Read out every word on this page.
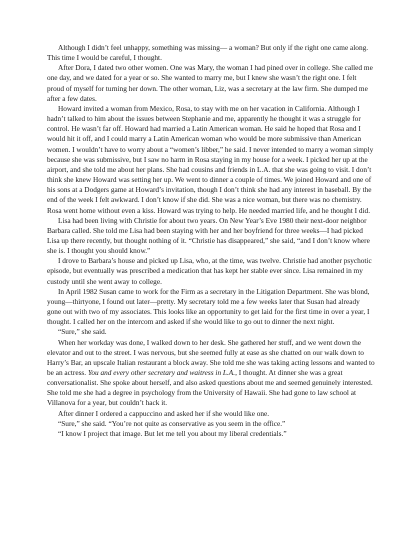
Although I didn’t feel unhappy, something was missing— a woman? But only if the right one came along. This time I would be careful, I thought.

After Dora, I dated two other women. One was Mary, the woman I had pined over in college. She called me one day, and we dated for a year or so. She wanted to marry me, but I knew she wasn’t the right one. I felt proud of myself for turning her down. The other woman, Liz, was a secretary at the law firm. She dumped me after a few dates.

Howard invited a woman from Mexico, Rosa, to stay with me on her vacation in California. Although I hadn’t talked to him about the issues between Stephanie and me, apparently he thought it was a struggle for control. He wasn’t far off. Howard had married a Latin American woman. He said he hoped that Rosa and I would hit it off, and I could marry a Latin American woman who would be more submissive than American women. I wouldn’t have to worry about a “women’s libber,” he said. I never intended to marry a woman simply because she was submissive, but I saw no harm in Rosa staying in my house for a week. I picked her up at the airport, and she told me about her plans. She had cousins and friends in L.A. that she was going to visit. I don’t think she knew Howard was setting her up. We went to dinner a couple of times. We joined Howard and one of his sons at a Dodgers game at Howard’s invitation, though I don’t think she had any interest in baseball. By the end of the week I felt awkward. I don’t know if she did. She was a nice woman, but there was no chemistry. Rosa went home without even a kiss. Howard was trying to help. He needed married life, and he thought I did.

Lisa had been living with Christie for about two years. On New Year’s Eve 1980 their next-door neighbor Barbara called. She told me Lisa had been staying with her and her boyfriend for three weeks—I had picked Lisa up there recently, but thought nothing of it. “Christie has disappeared,” she said, “and I don’t know where she is. I thought you should know.”

I drove to Barbara’s house and picked up Lisa, who, at the time, was twelve. Christie had another psychotic episode, but eventually was prescribed a medication that has kept her stable ever since. Lisa remained in my custody until she went away to college.

In April 1982 Susan came to work for the Firm as a secretary in the Litigation Department. She was blond, young—thirtyone, I found out later—pretty. My secretary told me a few weeks later that Susan had already gone out with two of my associates. This looks like an opportunity to get laid for the first time in over a year, I thought. I called her on the intercom and asked if she would like to go out to dinner the next night.

“Sure,” she said.

When her workday was done, I walked down to her desk. She gathered her stuff, and we went down the elevator and out to the street. I was nervous, but she seemed fully at ease as she chatted on our walk down to Harry’s Bar, an upscale Italian restaurant a block away. She told me she was taking acting lessons and wanted to be an actress. You and every other secretary and waitress in L.A., I thought. At dinner she was a great conversationalist. She spoke about herself, and also asked questions about me and seemed genuinely interested. She told me she had a degree in psychology from the University of Hawaii. She had gone to law school at Villanova for a year, but couldn’t hack it.

After dinner I ordered a cappuccino and asked her if she would like one.

“Sure,” she said. “You’re not quite as conservative as you seem in the office.”

“I know I project that image. But let me tell you about my liberal credentials.”
